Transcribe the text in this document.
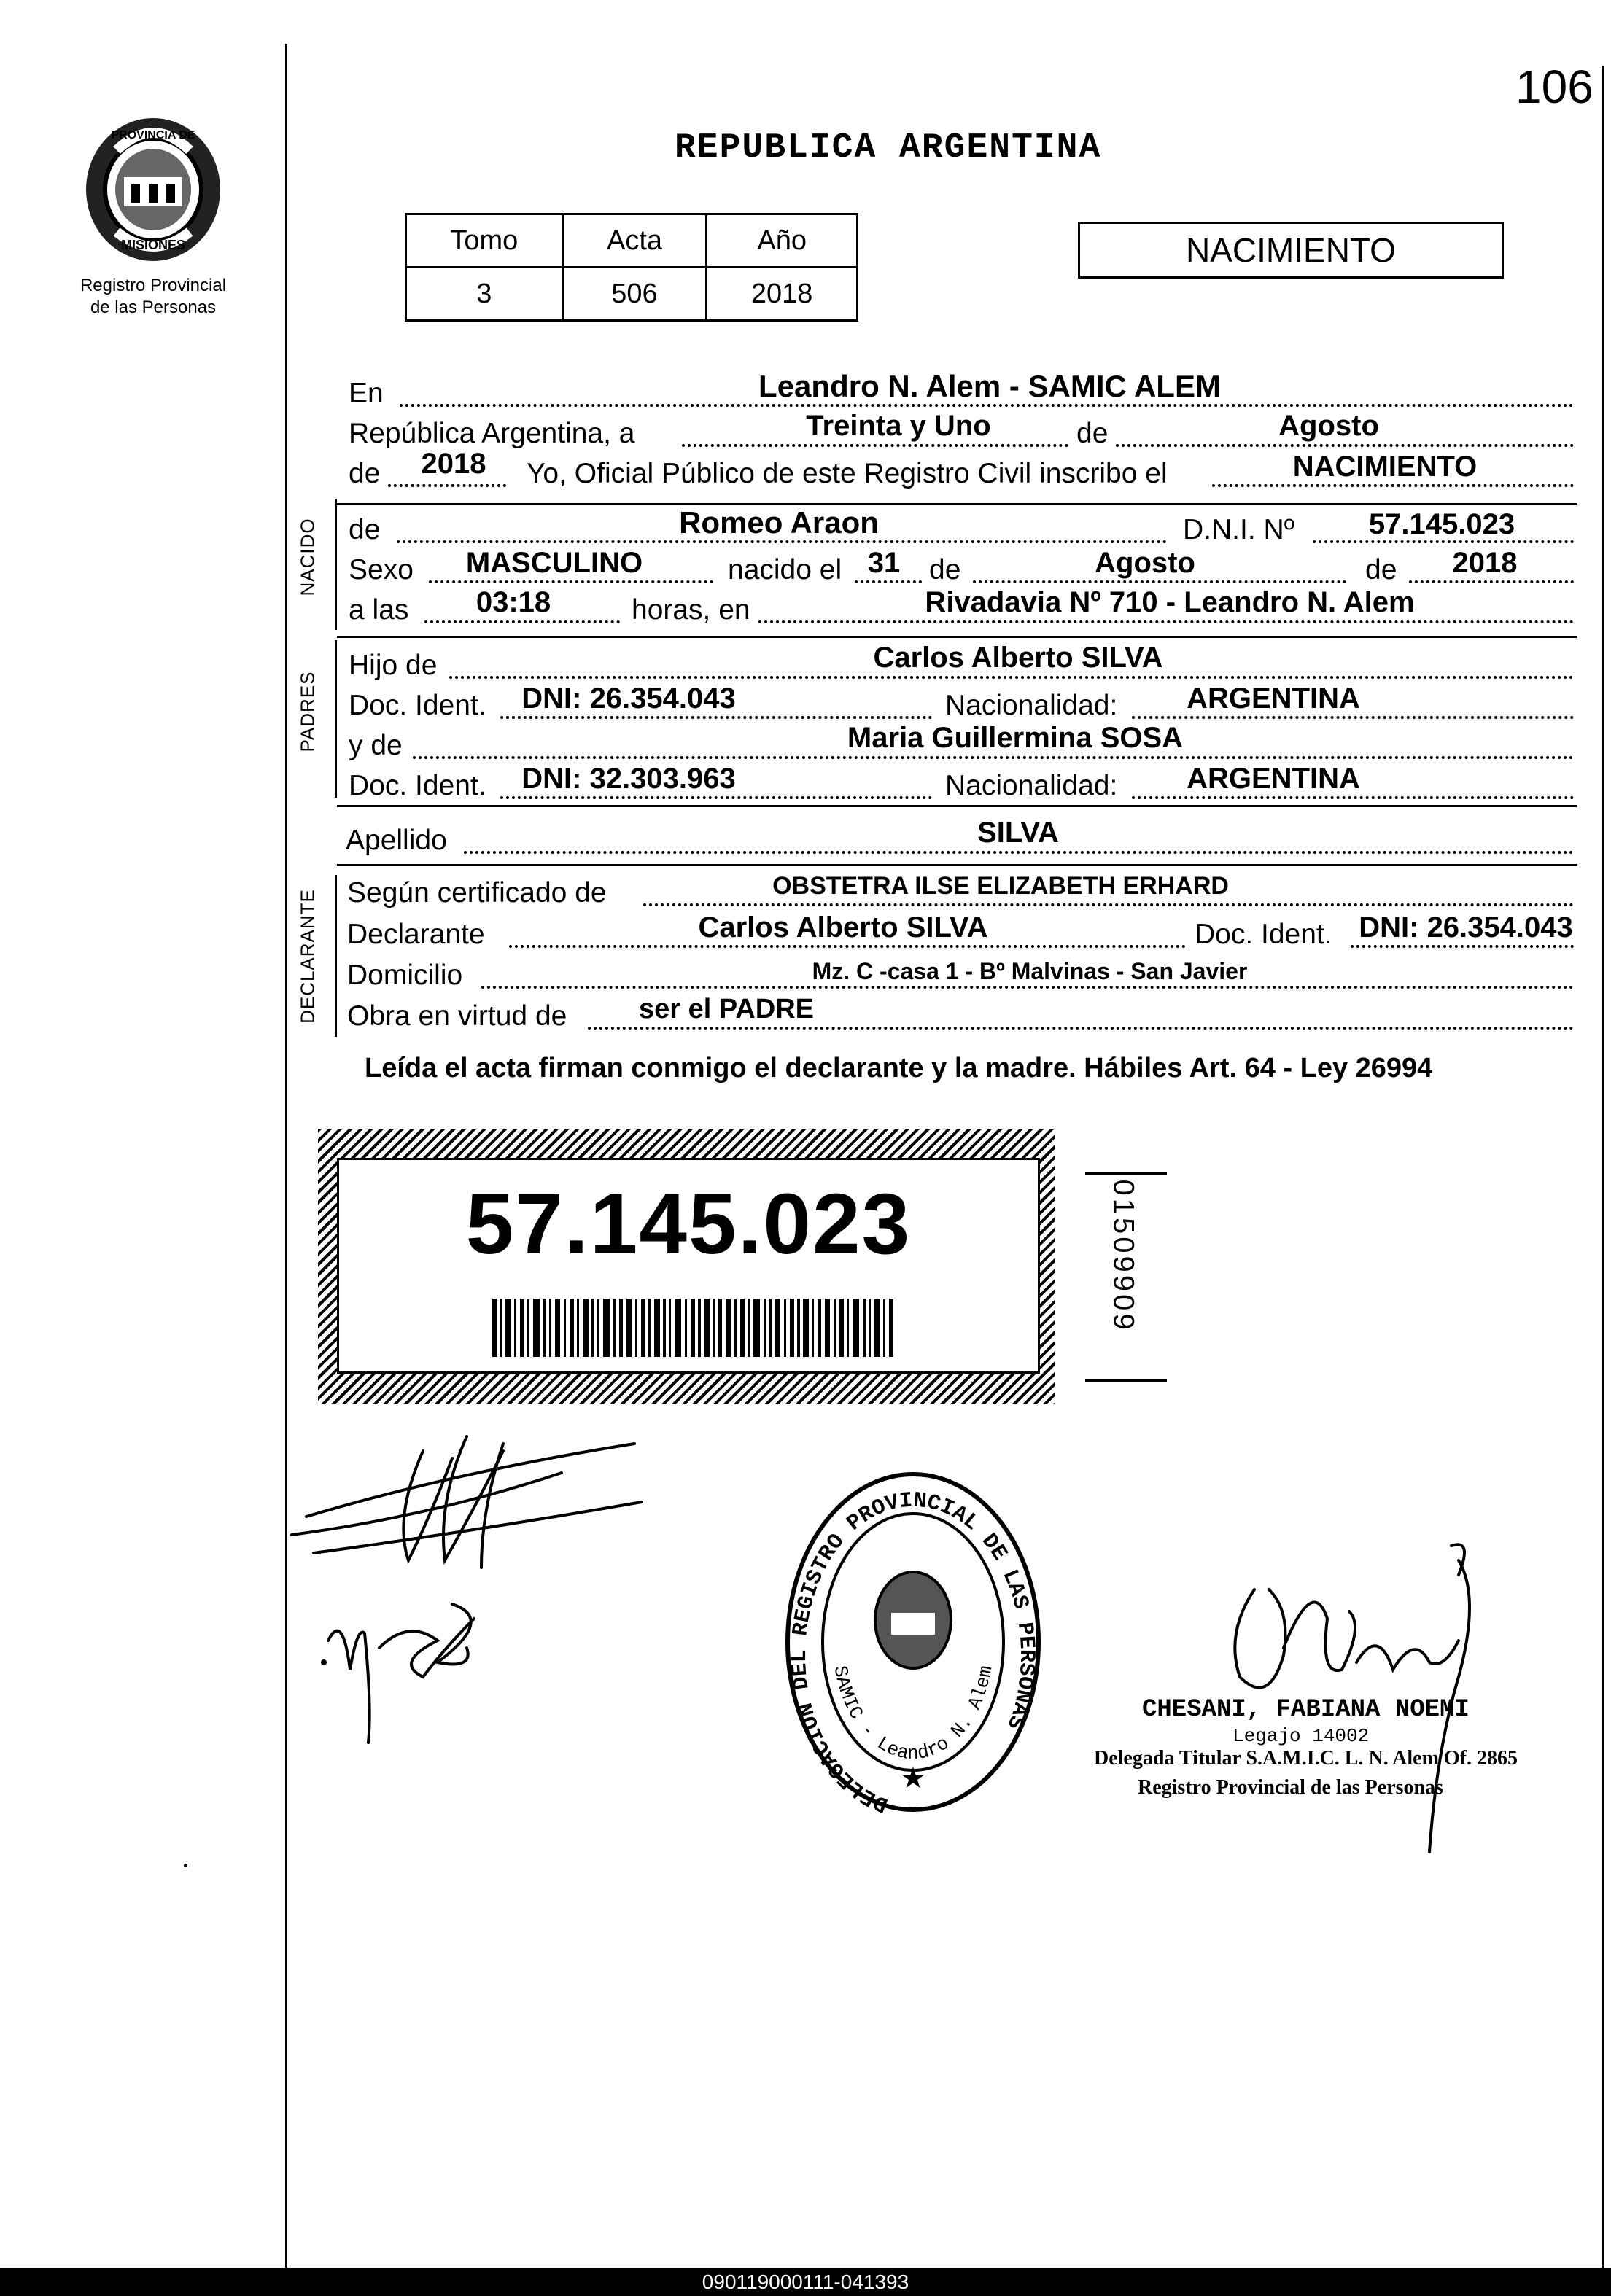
106
PROVINCIA DE
MISIONES
Registro Provincial
de las Personas
REPUBLICA ARGENTINA
Tomo	Acta	Año
3	506	2018
NACIMIENTO
En	Leandro N. Alem - SAMIC ALEM
República Argentina, a	Treinta y Uno	de	Agosto
de 2018 Yo, Oficial Público de este Registro Civil inscribo el	NACIMIENTO
NACIDO de	Romeo Araon	D.N.I. Nº	57.145.023
Sexo MASCULINO	nacido el 31 de	Agosto	de 2018
a las 03:18	horas, en	Rivadavia Nº 710 - Leandro N. Alem
PADRES
Hijo de	Carlos Alberto SILVA
Doc. Ident. DNI: 26.354.043	Nacionalidad: ARGENTINA
y de	Maria Guillermina SOSA
Doc. Ident. DNI: 32.303.963	Nacionalidad: ARGENTINA
Apellido	SILVA
DECLARANTE Según certificado de	OBSTETRA ILSE ELIZABETH ERHARD
Declarante	Carlos Alberto SILVA	Doc. Ident. DNI: 26.354.043
Domicilio	Mz. C -casa 1 - Bº Malvinas - San Javier
Obra en virtud de	ser el PADRE
Leída el acta firman conmigo el declarante y la madre. Hábiles Art. 64 - Ley 26994
57.145.023	01509909
DELEGACION DEL REGISTRO PROVINCIAL DE LAS PERSONAS
SAMIC - Leandro N. Alem
★
CHESANI, FABIANA NOEMI
Legajo 14002
Delegada Titular S.A.M.I.C. L. N. Alem Of. 2865
Registro Provincial de las Personas
090119000111-041393
